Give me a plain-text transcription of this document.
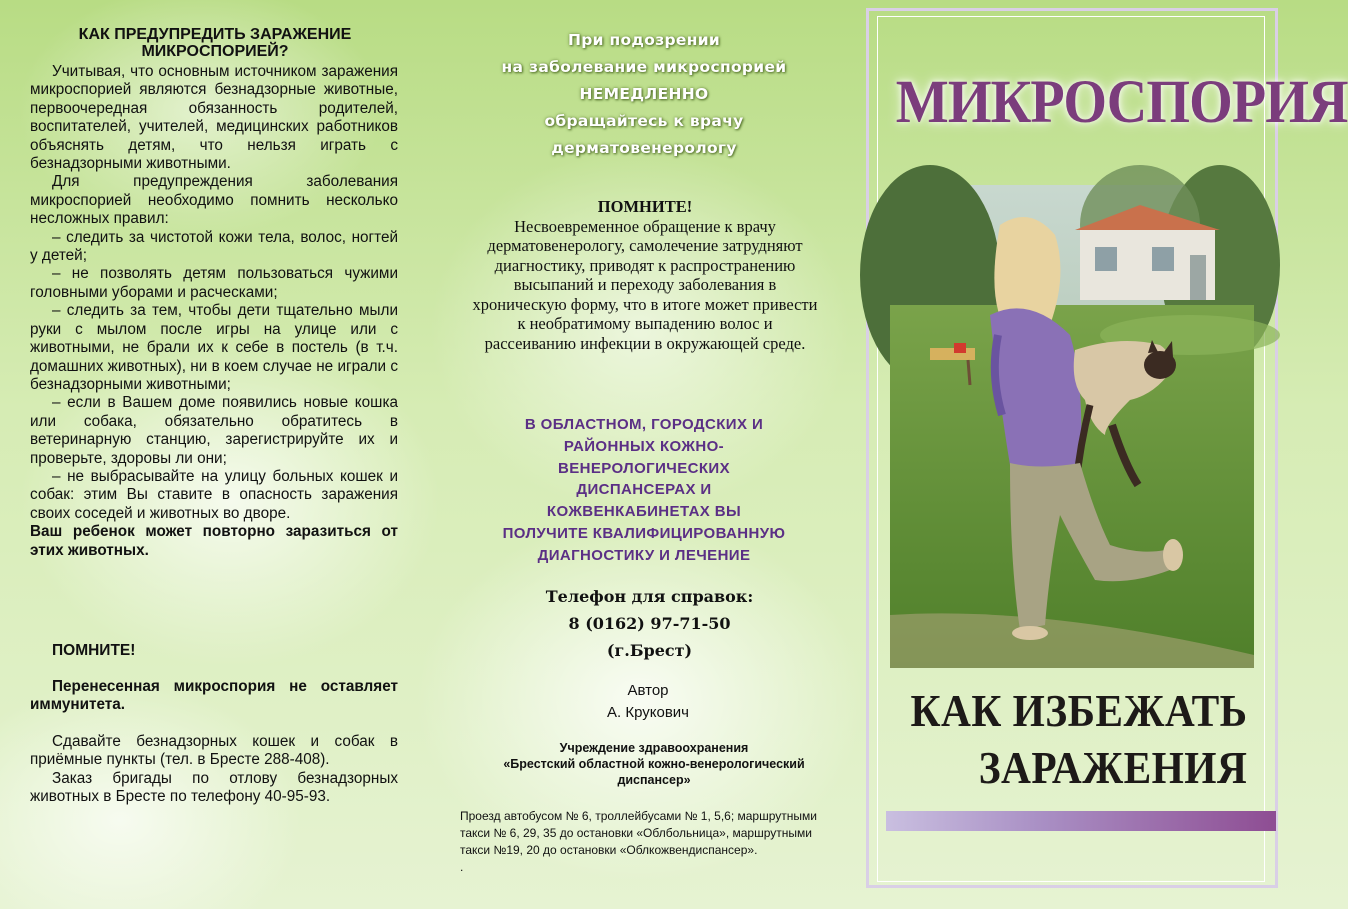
КАК ПРЕДУПРЕДИТЬ ЗАРАЖЕНИЕ МИКРОСПОРИЕЙ?

Учитывая, что основным источником заражения микроспорией являются безнадзорные животные, первоочередная обязанность родителей, воспитателей, учителей, медицинских работников объяснять детям, что нельзя играть с безнадзорными животными.

Для предупреждения заболевания микроспорией необходимо помнить несколько несложных правил:

– следить за чистотой кожи тела, волос, ногтей у детей;

– не позволять детям пользоваться чужими головными уборами и расческами;

– следить за тем, чтобы дети тщательно мыли руки с мылом после игры на улице или с животными, не брали их к себе в постель (в т.ч. домашних животных), ни в коем случае не играли с безнадзорными животными;

– если в Вашем доме появились новые кошка или собака, обязательно обратитесь в ветеринарную станцию, зарегистрируйте их и проверьте, здоровы ли они;

– не выбрасывайте на улицу больных кошек и собак: этим Вы ставите в опасность заражения своих соседей и животных во дворе.

Ваш ребенок может повторно заразиться от этих животных.

ПОМНИТЕ!

Перенесенная микроспория не оставляет иммунитета.

Сдавайте безнадзорных кошек и собак в приёмные пункты (тел. в Бресте 288-408).

Заказ бригады по отлову безнадзорных животных в Бресте по телефону 40-95-93.

При подозрении
на заболевание микроспорией
НЕМЕДЛЕННО
обращайтесь к врачу
дерматовенерологу
ПОМНИТЕ!
Несвоевременное обращение к врачу дерматовенерологу, самолечение затрудняют диагностику, приводят к распространению высыпаний и переходу заболевания в хроническую форму, что в итоге может привести к необратимому выпадению волос и рассеиванию инфекции в окружающей среде.
В ОБЛАСТНОМ, ГОРОДСКИХ И
РАЙОННЫХ КОЖНО-
ВЕНЕРОЛОГИЧЕСКИХ
ДИСПАНСЕРАХ И
КОЖВЕНКАБИНЕТАХ ВЫ
ПОЛУЧИТЕ КВАЛИФИЦИРОВАННУЮ
ДИАГНОСТИКУ И ЛЕЧЕНИЕ
Телефон для справок:
8 (0162) 97-71-50
(г.Брест)
Автор
А. Крукович
Учреждение здравоохранения
«Брестский областной кожно-венерологический
диспансер»
Проезд автобусом № 6, троллейбусами № 1, 5,6; маршрутными такси № 6, 29, 35 до остановки «Облбольница», маршрутными такси №19, 20 до остановки «Облкожвендиспансер».
.
МИКРОСПОРИЯ
КАК ИЗБЕЖАТЬ
ЗАРАЖЕНИЯ
